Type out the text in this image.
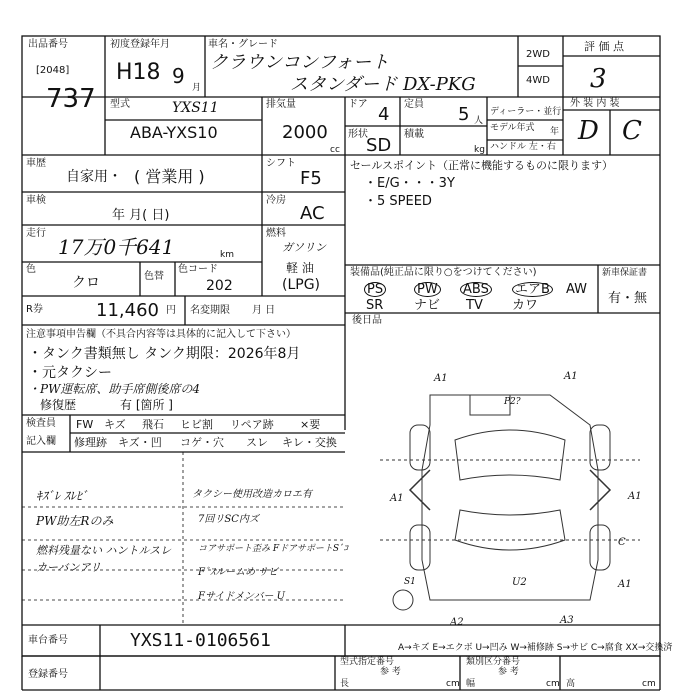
出品番号
[2048]
737
初度登録年月
H18 9 月
車名・グレード
クラウンコンフォート
スタンダード DX-PKG
2WD
4WD
評 価 点
3
型式	YXS11
ABA-YXS10
排気量
2000
cc
ドア 4 定員 5 人
形状
SD
積載
kg
ディーラー・並行
モデル年式 年
ハンドル 左・右
外 装 内 装
D C
車歴
自家用・ ( 営業用 )
車検
年 月( 日)
走行
17万0千641	km
色
クロ	色替
色コード
202
シフト
F5
冷房
AC
燃料
ガソリン
軽 油
(LPG)
R券	11,460 円 名変期限 月 日
セールスポイント（正常に機能するものに限ります）
・E/G・・・3Y
・5 SPEED
装備品(純正品に限り○をつけてください)
PS	PW ABS エアB AW
SR ナビ TV カワ
新車保証書
有・無
注意事項申告欄（不具合内容等は具体的に記入して下さい）
・タンク書類無し タンク期限：2026年8月
・元タクシー
・PW運転席、助手席側後席の4
修復歴	有 [箇所 ]
検査員
記入欄
FW キズ 飛石 ヒビ割 リペア跡 ×要
修理跡 キズ・凹 コゲ・穴 スレ キレ・交換
後日品
ｷｽﾞﾚ ｽﾚﾋﾞ
PW助左Rのみ
燃料残量ない ハントルスレ
カーバンアリ
タクシー使用改造カロエ有
7回リSC内ズ
コアサポート歪み FドアサポートSﾞｺ
Fﾞｽルームめ サビ
Fサイドメンバー U
A1	A1
A1	A1
C
S1	U2	A1
A2	A3
P2?
A→キズ E→エクボ U→凹み W→補修跡 S→サビ C→腐食 XX→交換済
車台番号	YXS11-0106561
登録番号
型式指定番号
参 考
類別区分番号
参 考
長	cm 幅	cm 高	cm
